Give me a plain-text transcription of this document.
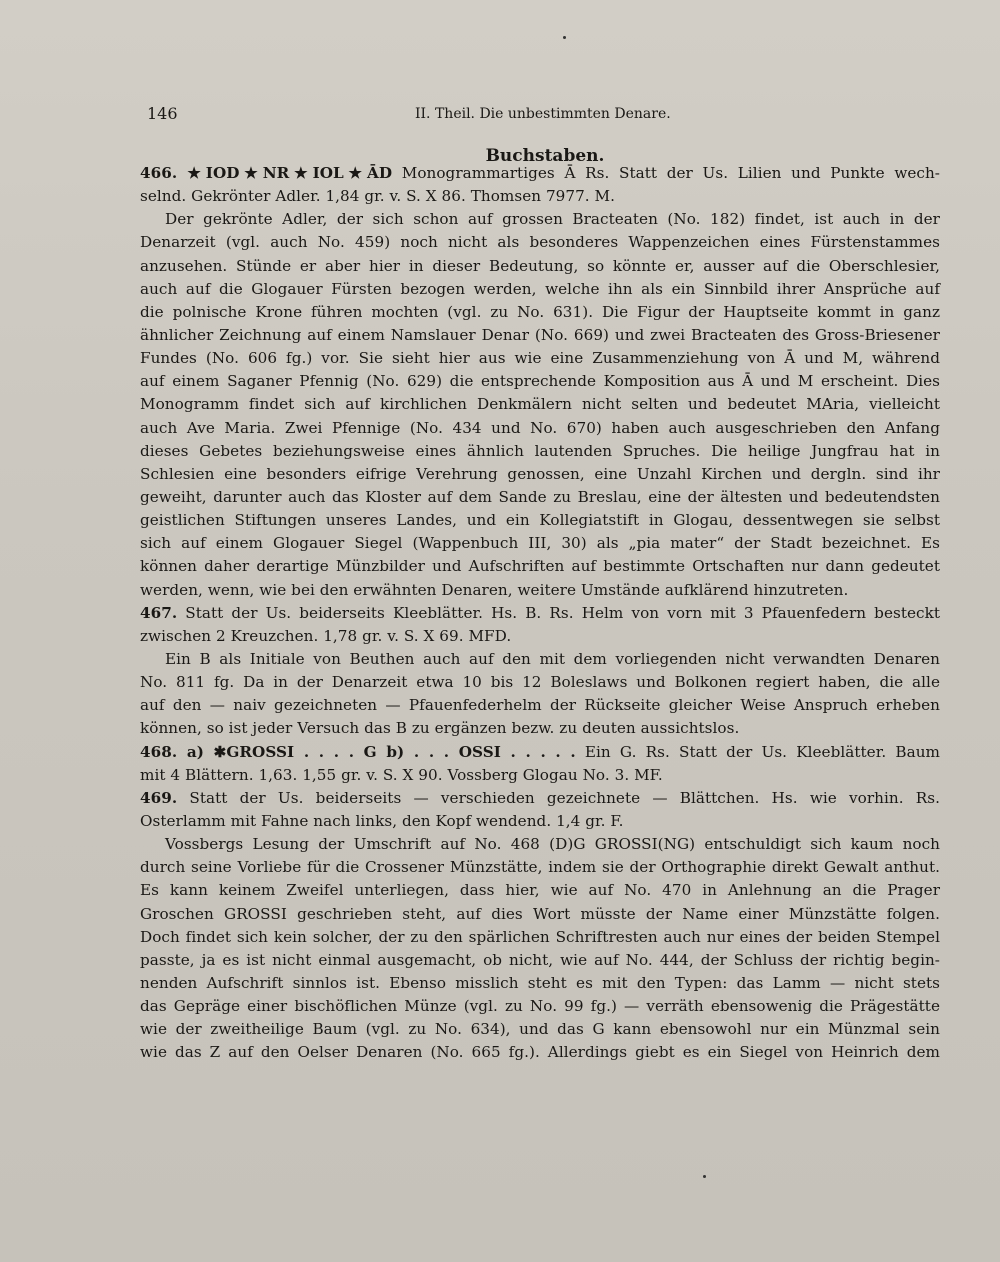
146	II. Theil. Die unbestimmten Denare.
Buchstaben.
466. ★IOD★NR★IOL★ĀD Monogrammartiges Ā Rs. Statt der Us. Lilien und Punkte wech-
selnd. Gekrönter Adler. 1,84 gr. v. S. X 86. Thomsen 7977. M.
Der gekrönte Adler, der sich schon auf grossen Bracteaten (No. 182) findet, ist auch in der
Denarzeit (vgl. auch No. 459) noch nicht als besonderes Wappenzeichen eines Fürstenstammes
anzusehen. Stünde er aber hier in dieser Bedeutung, so könnte er, ausser auf die Oberschlesier,
auch auf die Glogauer Fürsten bezogen werden, welche ihn als ein Sinnbild ihrer Ansprüche auf
die polnische Krone führen mochten (vgl. zu No. 631). Die Figur der Hauptseite kommt in ganz
ähnlicher Zeichnung auf einem Namslauer Denar (No. 669) und zwei Bracteaten des Gross-Briesener
Fundes (No. 606 fg.) vor. Sie sieht hier aus wie eine Zusammenziehung von Ā und M, während
auf einem Saganer Pfennig (No. 629) die entsprechende Komposition aus Ā und M erscheint. Dies
Monogramm findet sich auf kirchlichen Denkmälern nicht selten und bedeutet MAria, vielleicht
auch Ave Maria. Zwei Pfennige (No. 434 und No. 670) haben auch ausgeschrieben den Anfang
dieses Gebetes beziehungsweise eines ähnlich lautenden Spruches. Die heilige Jungfrau hat in
Schlesien eine besonders eifrige Verehrung genossen, eine Unzahl Kirchen und dergln. sind ihr
geweiht, darunter auch das Kloster auf dem Sande zu Breslau, eine der ältesten und bedeutendsten
geistlichen Stiftungen unseres Landes, und ein Kollegiatstift in Glogau, dessentwegen sie selbst
sich auf einem Glogauer Siegel (Wappenbuch III, 30) als „pia mater“ der Stadt bezeichnet. Es
können daher derartige Münzbilder und Aufschriften auf bestimmte Ortschaften nur dann gedeutet
werden, wenn, wie bei den erwähnten Denaren, weitere Umstände aufklärend hinzutreten.
467. Statt der Us. beiderseits Kleeblätter. Hs. B. Rs. Helm von vorn mit 3 Pfauenfedern besteckt
zwischen 2 Kreuzchen. 1,78 gr. v. S. X 69. MFD.
Ein B als Initiale von Beuthen auch auf den mit dem vorliegenden nicht verwandten Denaren
No. 811 fg. Da in der Denarzeit etwa 10 bis 12 Boleslaws und Bolkonen regiert haben, die alle
auf den — naiv gezeichneten — Pfauenfederhelm der Rückseite gleicher Weise Anspruch erheben
können, so ist jeder Versuch das B zu ergänzen bezw. zu deuten aussichtslos.
468. a) ✱GROSSI . . . . G b) . . . OSSI . . . . . Ein G. Rs. Statt der Us. Kleeblätter. Baum
mit 4 Blättern. 1,63. 1,55 gr. v. S. X 90. Vossberg Glogau No. 3. MF.
469. Statt der Us. beiderseits — verschieden gezeichnete — Blättchen. Hs. wie vorhin. Rs.
Osterlamm mit Fahne nach links, den Kopf wendend. 1,4 gr. F.
Vossbergs Lesung der Umschrift auf No. 468 (D)G GROSSI(NG) entschuldigt sich kaum noch
durch seine Vorliebe für die Crossener Münzstätte, indem sie der Orthographie direkt Gewalt anthut.
Es kann keinem Zweifel unterliegen, dass hier, wie auf No. 470 in Anlehnung an die Prager
Groschen GROSSI geschrieben steht, auf dies Wort müsste der Name einer Münzstätte folgen.
Doch findet sich kein solcher, der zu den spärlichen Schriftresten auch nur eines der beiden Stempel
passte, ja es ist nicht einmal ausgemacht, ob nicht, wie auf No. 444, der Schluss der richtig begin-
nenden Aufschrift sinnlos ist. Ebenso misslich steht es mit den Typen: das Lamm — nicht stets
das Gepräge einer bischöflichen Münze (vgl. zu No. 99 fg.) — verräth ebensowenig die Prägestätte
wie der zweitheilige Baum (vgl. zu No. 634), und das G kann ebensowohl nur ein Münzmal sein
wie das Z auf den Oelser Denaren (No. 665 fg.). Allerdings giebt es ein Siegel von Heinrich dem
